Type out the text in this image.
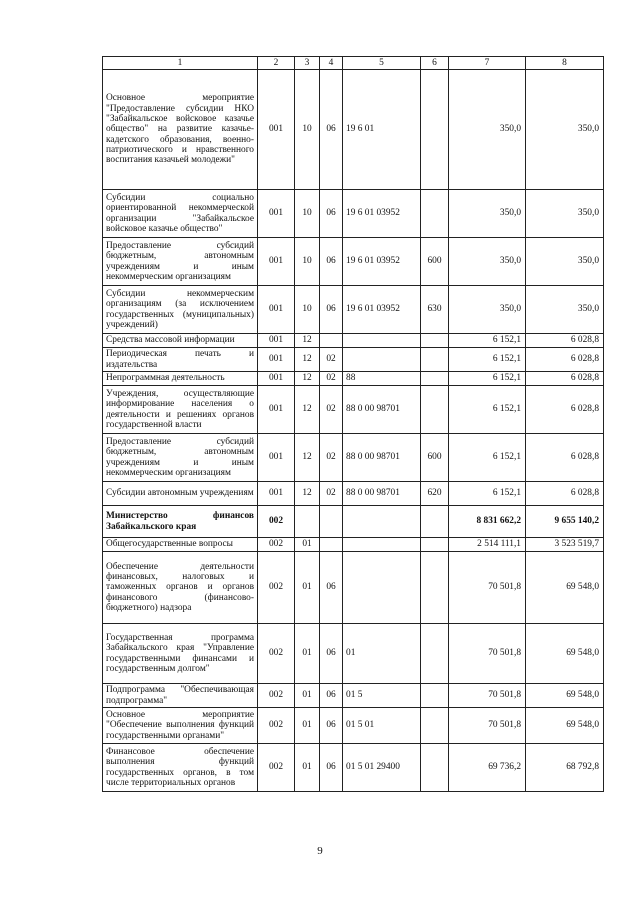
1	2	3	4	5	6	7	8
Основное мероприятие "Предоставление субсидии НКО "Забайкальское войсковое казачье общество" на развитие казачье-кадетского образования, военно-патриотического и нравственного воспитания казачьей молодежи"	001	10	06	19 6 01		350,0	350,0
Субсидии социально ориентированной некоммерческой организации "Забайкальское войсковое казачье общество"	001	10	06	19 6 01 03952		350,0	350,0
Предоставление субсидий бюджетным, автономным учреждениям и иным некоммерческим организациям	001	10	06	19 6 01 03952	600	350,0	350,0
Субсидии некоммерческим организациям (за исключением государственных (муниципальных) учреждений)	001	10	06	19 6 01 03952	630	350,0	350,0
Средства массовой информации	001	12				6 152,1	6 028,8
Периодическая печать и издательства	001	12	02			6 152,1	6 028,8
Непрограммная деятельность	001	12	02	88		6 152,1	6 028,8
Учреждения, осуществляющие информирование населения о деятельности и решениях органов государственной власти	001	12	02	88 0 00 98701		6 152,1	6 028,8
Предоставление субсидий бюджетным, автономным учреждениям и иным некоммерческим организациям	001	12	02	88 0 00 98701	600	6 152,1	6 028,8
Субсидии автономным учреждениям	001	12	02	88 0 00 98701	620	6 152,1	6 028,8
Министерство финансов Забайкальского края	002					8 831 662,2	9 655 140,2
Общегосударственные вопросы	002	01				2 514 111,1	3 523 519,7
Обеспечение деятельности финансовых, налоговых и таможенных органов и органов финансового (финансово-бюджетного) надзора	002	01	06			70 501,8	69 548,0
Государственная программа Забайкальского края "Управление государственными финансами и государственным долгом"	002	01	06	01		70 501,8	69 548,0
Подпрограмма "Обеспечивающая подпрограмма"	002	01	06	01 5		70 501,8	69 548,0
Основное мероприятие "Обеспечение выполнения функций государственными органами"	002	01	06	01 5 01		70 501,8	69 548,0
Финансовое обеспечение выполнения функций государственных органов, в том числе территориальных органов	002	01	06	01 5 01 29400		69 736,2	68 792,8
9
